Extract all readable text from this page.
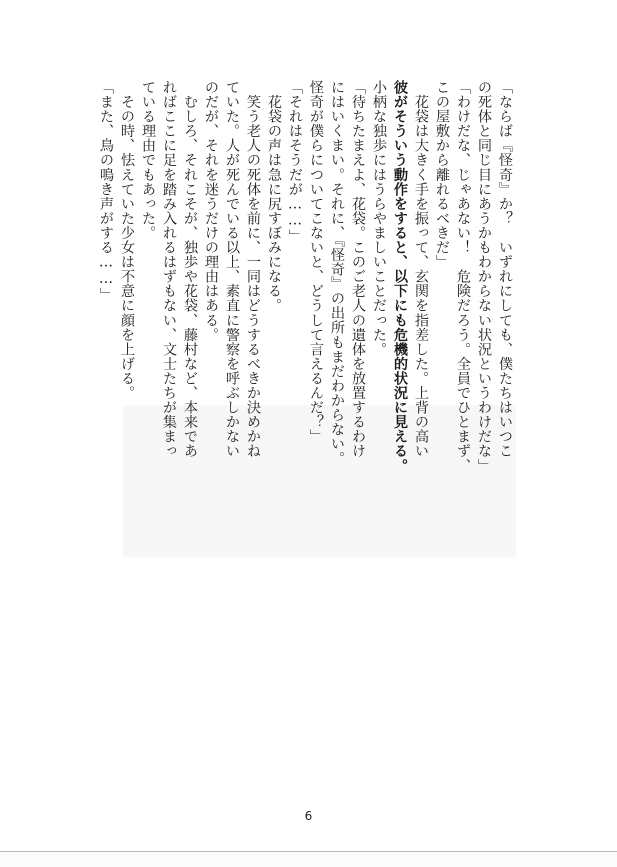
「ならば『怪奇』か？　いずれにしても、僕たちはいつこ
の死体と同じ目にあうかもわからない状況というわけだな」
「わけだな、じゃあない！　危険だろう。全員でひとまず、
この屋敷から離れるべきだ」
　花袋は大きく手を振って、玄関を指差した。上背の高い
彼がそういう動作をすると、以下にも危機的状況に見える。
小柄な独歩にはうらやましいことだった。
「待ちたまえよ、花袋。このご老人の遺体を放置するわけ
にはいくまい。それに、『怪奇』の出所もまだわからない。
怪奇が僕らについてこないと、どうして言えるんだ？」
「それはそうだが……」
　花袋の声は急に尻すぼみになる。
　笑う老人の死体を前に、一同はどうするべきか決めかね
ていた。人が死んでいる以上、素直に警察を呼ぶしかない
のだが、それを迷うだけの理由はある。
　むしろ、それこそが、独歩や花袋、藤村など、本来であ
ればここに足を踏み入れるはずもない、文士たちが集まっ
ている理由でもあった。
　その時、怯えていた少女は不意に顔を上げる。
「また、鳥の鳴き声がする……」
6
